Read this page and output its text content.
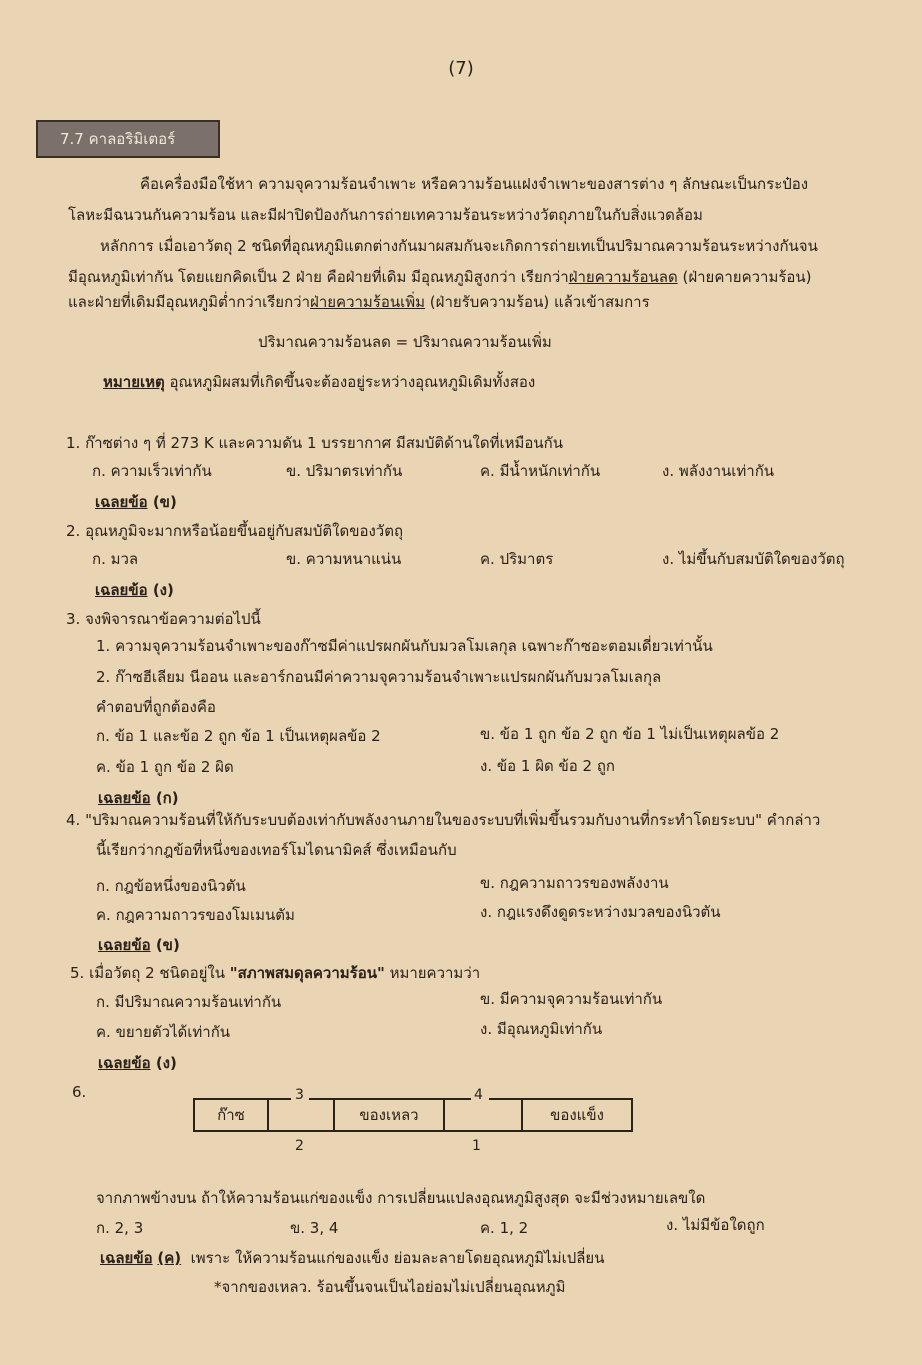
(7)
7.7 คาลอริมิเตอร์
คือเครื่องมือใช้หา ความจุความร้อนจำเพาะ หรือความร้อนแฝงจำเพาะของสารต่าง ๆ ลักษณะเป็นกระป๋อง
โลหะมีฉนวนกันความร้อน และมีฝาปิดป้องกันการถ่ายเทความร้อนระหว่างวัตถุภายในกับสิ่งแวดล้อม
หลักการ เมื่อเอาวัตถุ 2 ชนิดที่อุณหภูมิแตกต่างกันมาผสมกันจะเกิดการถ่ายเทเป็นปริมาณความร้อนระหว่างกันจน
มีอุณหภูมิเท่ากัน โดยแยกคิดเป็น 2 ฝ่าย คือฝ่ายที่เดิม มีอุณหภูมิสูงกว่า เรียกว่าฝ่ายความร้อนลด (ฝ่ายคายความร้อน)
และฝ่ายที่เดิมมีอุณหภูมิต่ำกว่าเรียกว่าฝ่ายความร้อนเพิ่ม (ฝ่ายรับความร้อน) แล้วเข้าสมการ
ปริมาณความร้อนลด = ปริมาณความร้อนเพิ่ม
หมายเหตุ อุณหภูมิผสมที่เกิดขึ้นจะต้องอยู่ระหว่างอุณหภูมิเดิมทั้งสอง
1. ก๊าซต่าง ๆ ที่ 273 K และความดัน 1 บรรยากาศ มีสมบัติด้านใดที่เหมือนกัน
ก. ความเร็วเท่ากัน	ข. ปริมาตรเท่ากัน	ค. มีน้ำหนักเท่ากัน	ง. พลังงานเท่ากัน
เฉลยข้อ (ข)
2. อุณหภูมิจะมากหรือน้อยขึ้นอยู่กับสมบัติใดของวัตถุ
ก. มวล	ข. ความหนาแน่น	ค. ปริมาตร	ง. ไม่ขึ้นกับสมบัติใดของวัตถุ
เฉลยข้อ (ง)
3. จงพิจารณาข้อความต่อไปนี้
1. ความจุความร้อนจำเพาะของก๊าซมีค่าแปรผกผันกับมวลโมเลกุล เฉพาะก๊าซอะตอมเดี่ยวเท่านั้น
2. ก๊าซฮีเลียม นีออน และอาร์กอนมีค่าความจุความร้อนจำเพาะแปรผกผันกับมวลโมเลกุล
คำตอบที่ถูกต้องคือ
ก. ข้อ 1 และข้อ 2 ถูก ข้อ 1 เป็นเหตุผลข้อ 2	ข. ข้อ 1 ถูก ข้อ 2 ถูก ข้อ 1 ไม่เป็นเหตุผลข้อ 2
ค. ข้อ 1 ถูก ข้อ 2 ผิด	ง. ข้อ 1 ผิด ข้อ 2 ถูก
เฉลยข้อ (ก)
4. "ปริมาณความร้อนที่ให้กับระบบต้องเท่ากับพลังงานภายในของระบบที่เพิ่มขึ้นรวมกับงานที่กระทำโดยระบบ" คำกล่าว
นี้เรียกว่ากฎข้อที่หนึ่งของเทอร์โมไดนามิคส์ ซึ่งเหมือนกับ
ก. กฎข้อหนึ่งของนิวตัน	ข. กฎความถาวรของพลังงาน
ค. กฎความถาวรของโมเมนตัม	ง. กฎแรงดึงดูดระหว่างมวลของนิวตัน
เฉลยข้อ (ข)
5. เมื่อวัตถุ 2 ชนิดอยู่ใน "สภาพสมดุลความร้อน" หมายความว่า
ก. มีปริมาณความร้อนเท่ากัน	ข. มีความจุความร้อนเท่ากัน
ค. ขยายตัวได้เท่ากัน	ง. มีอุณหภูมิเท่ากัน
เฉลยข้อ (ง)
6.
ก๊าซ	ของเหลว	ของแข็ง
3	4
2	1
จากภาพข้างบน ถ้าให้ความร้อนแก่ของแข็ง การเปลี่ยนแปลงอุณหภูมิสูงสุด จะมีช่วงหมายเลขใด
ก. 2, 3	ข. 3, 4	ค. 1, 2	ง. ไม่มีข้อใดถูก
เฉลยข้อ (ค) เพราะ ให้ความร้อนแก่ของแข็ง ย่อมละลายโดยอุณหภูมิไม่เปลี่ยน
*จากของเหลว. ร้อนขึ้นจนเป็นไอย่อมไม่เปลี่ยนอุณหภูมิ
